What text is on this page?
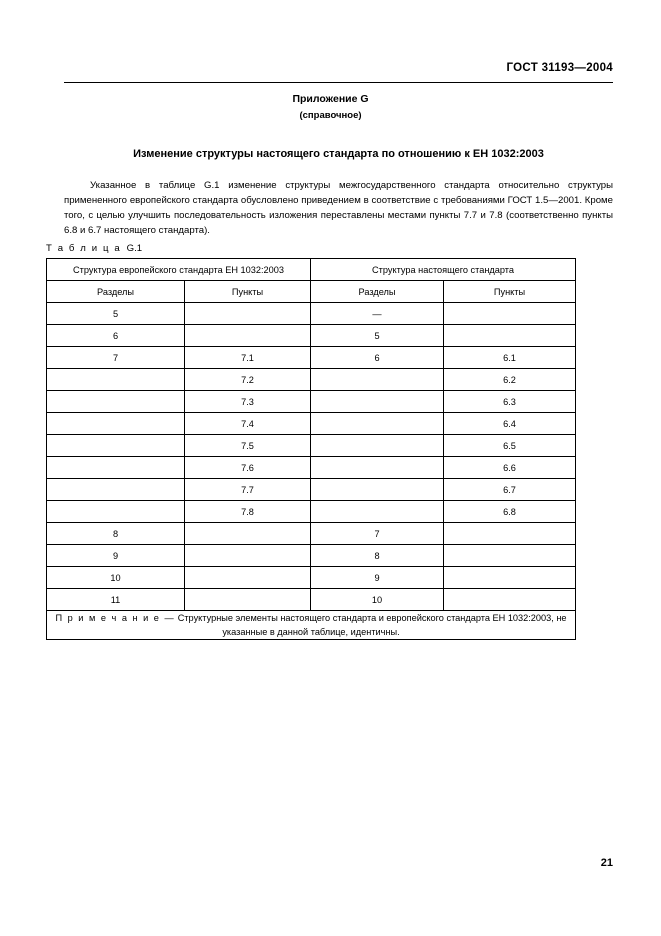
ГОСТ 31193—2004
Приложение G
(справочное)
Изменение структуры настоящего стандарта по отношению к ЕН 1032:2003
Указанное в таблице G.1 изменение структуры межгосударственного стандарта относительно структуры примененного европейского стандарта обусловлено приведением в соответствие с требованиями ГОСТ 1.5—2001. Кроме того, с целью улучшить последовательность изложения переставлены местами пункты 7.7 и 7.8 (соответственно пункты 6.8 и 6.7 настоящего стандарта).
Т а б л и ц а G.1
Структура европейского стандарта ЕН 1032:2003		Структура настоящего стандарта	
Разделы	Пункты	Разделы	Пункты
5		—	
6		5	
7	7.1	6	6.1
	7.2		6.2
	7.3		6.3
	7.4		6.4
	7.5		6.5
	7.6		6.6
	7.7		6.7
	7.8		6.8
8		7	
9		8	
10		9	
11		10	
П р и м е ч а н и е — Структурные элементы настоящего стандарта и европейского стандарта ЕН 1032:2003, не указанные в данной таблице, идентичны.			
21
